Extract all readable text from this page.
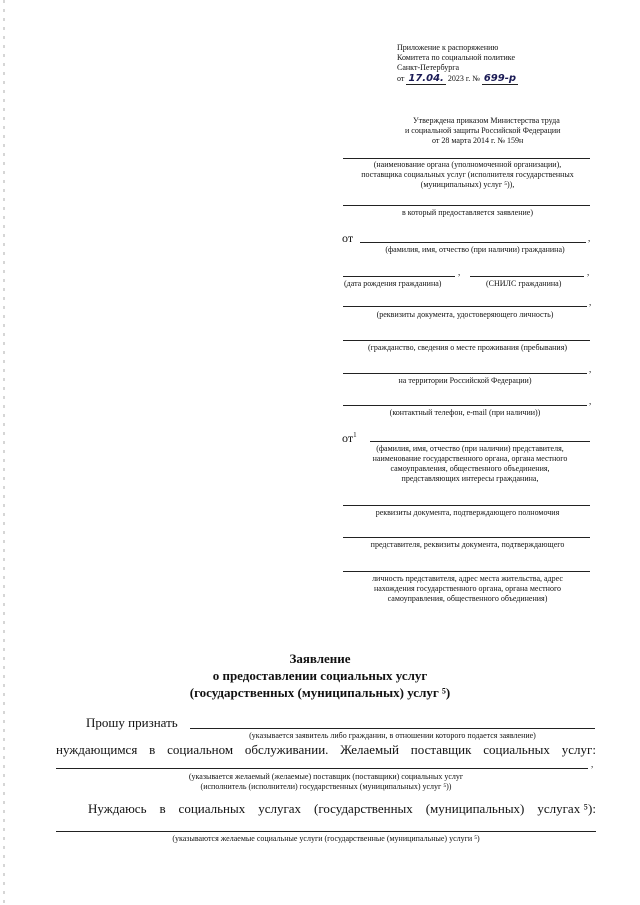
Приложение к распоряжению
Комитета по социальной политике
Санкт-Петербурга
от 17.04. 2023 г. № 699-р
Утверждена приказом Министерства труда
и социальной защиты Российской Федерации
от 28 марта 2014 г. № 159н
(наименование органа (уполномоченной организации),
поставщика социальных услуг (исполнителя государственных
(муниципальных) услуг ⁵)),
в который предоставляется заявление)
от	,
(фамилия, имя, отчество (при наличии) гражданина)
,	,
(дата рождения гражданина)	(СНИЛС гражданина)
,
(реквизиты документа, удостоверяющего личность)
(гражданство, сведения о месте проживания (пребывания)
,
на территории Российской Федерации)
,
(контактный телефон, e-mail (при наличии))
$от^1$
(фамилия, имя, отчество (при наличии) представителя,
наименование государственного органа, органа местного
самоуправления, общественного объединения,
представляющих интересы гражданина,
реквизиты документа, подтверждающего полномочия
представителя, реквизиты документа, подтверждающего
личность представителя, адрес места жительства, адрес
нахождения государственного органа, органа местного
самоуправления, общественного объединения)
Заявление
о предоставлении социальных услуг
(государственных (муниципальных) услуг ⁵)
Прошу признать
(указывается заявитель либо гражданин, в отношении которого подается заявление)
нуждающимся в социальном обслуживании. Желаемый поставщик социальных услуг:
,
(указывается желаемый (желаемые) поставщик (поставщики) социальных услуг
(исполнитель (исполнители) государственных (муниципальных) услуг ⁵))
Нуждаюсь в социальных услугах (государственных (муниципальных) услугах ⁵):
(указываются желаемые социальные услуги (государственные (муниципальные) услуги ⁵)
